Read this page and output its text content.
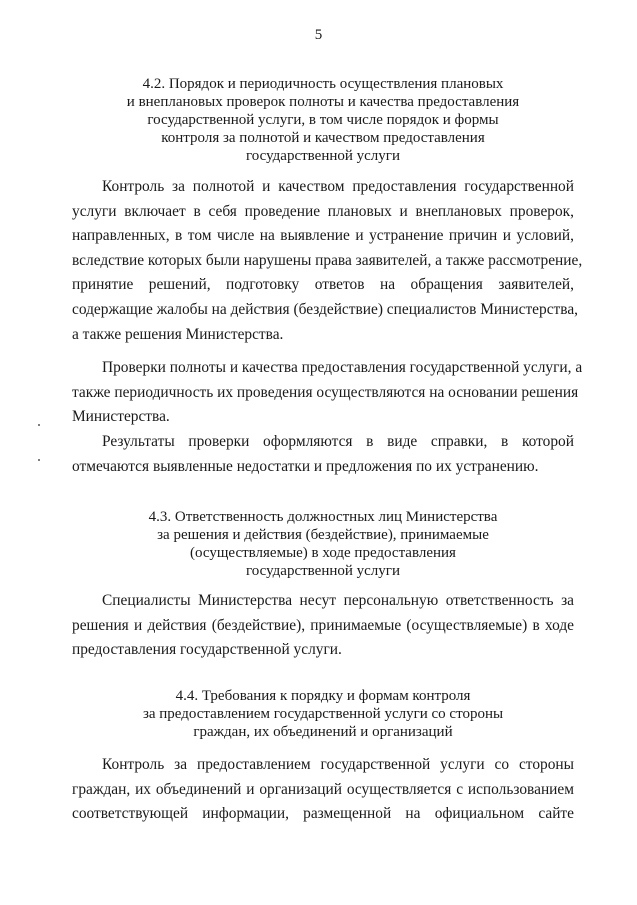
5
4.2. Порядок и периодичность осуществления плановых
и внеплановых проверок полноты и качества предоставления
государственной услуги, в том числе порядок и формы
контроля за полнотой и качеством предоставления
государственной услуги
Контроль за полнотой и качеством предоставления государственной
услуги включает в себя проведение плановых и внеплановых проверок,
направленных, в том числе на выявление и устранение причин и условий,
вследствие которых были нарушены права заявителей, а также рассмотрение,
принятие решений, подготовку ответов на обращения заявителей,
содержащие жалобы на действия (бездействие) специалистов Министерства,
а также решения Министерства.
Проверки полноты и качества предоставления государственной услуги, а
также периодичность их проведения осуществляются на основании решения
Министерства.
Результаты проверки оформляются в виде справки, в которой
отмечаются выявленные недостатки и предложения по их устранению.
4.3. Ответственность должностных лиц Министерства
за решения и действия (бездействие), принимаемые
(осуществляемые) в ходе предоставления
государственной услуги
Специалисты Министерства несут персональную ответственность за
решения и действия (бездействие), принимаемые (осуществляемые) в ходе
предоставления государственной услуги.
4.4. Требования к порядку и формам контроля
за предоставлением государственной услуги со стороны
граждан, их объединений и организаций
Контроль за предоставлением государственной услуги со стороны
граждан, их объединений и организаций осуществляется с использованием
соответствующей информации, размещенной на официальном сайте
